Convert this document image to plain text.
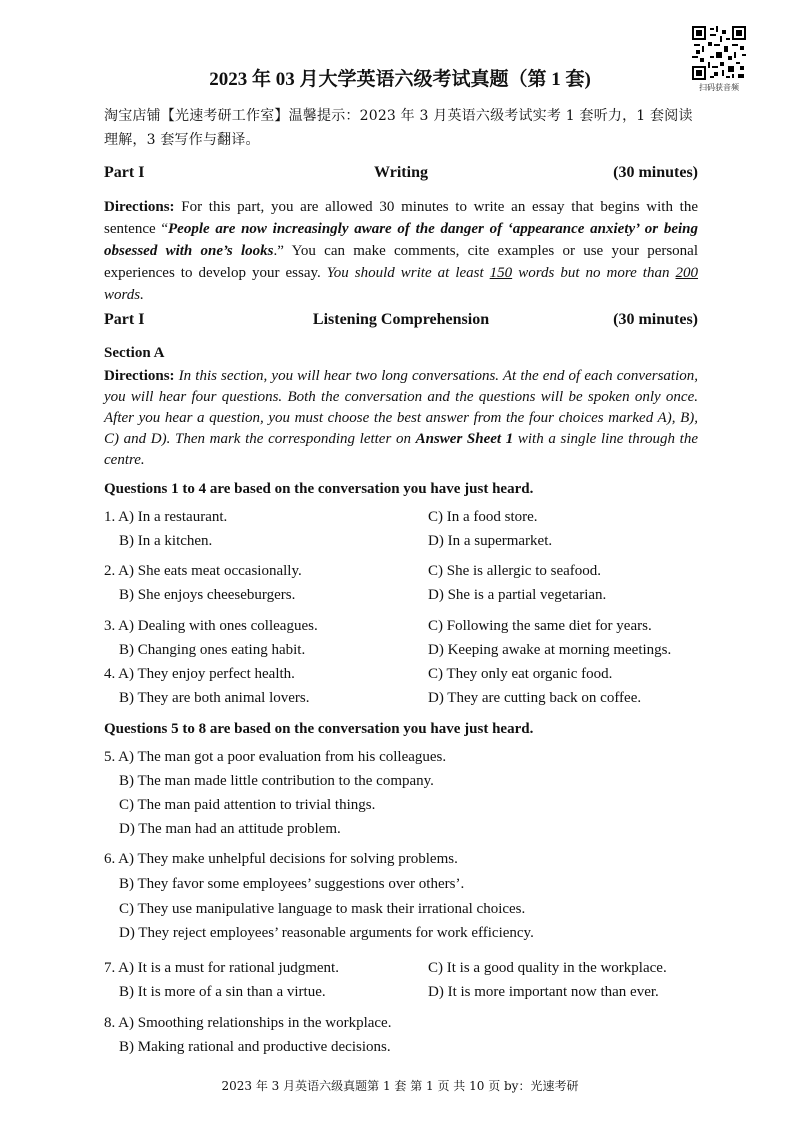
扫码获音频
2023 年 03 月大学英语六级考试真题（第 1 套)
淘宝店铺【光速考研工作室】温馨提示：2023 年 3 月英语六级考试实考 1 套听力，1 套阅读理解，3 套写作与翻译。
Part I	Writing	(30 minutes)
Directions: For this part, you are allowed 30 minutes to write an essay that begins with the sentence “People are now increasingly aware of the danger of ‘appearance anxiety’ or being obsessed with one’s looks.” You can make comments, cite examples or use your personal experiences to develop your essay. You should write at least 150 words but no more than 200 words.
Part I	Listening Comprehension	(30 minutes)
Section A
Directions: In this section, you will hear two long conversations. At the end of each conversation, you will hear four questions. Both the conversation and the questions will be spoken only once. After you hear a question, you must choose the best answer from the four choices marked A), B), C) and D). Then mark the corresponding letter on Answer Sheet 1 with a single line through the centre.
Questions 1 to 4 are based on the conversation you have just heard.
1. A) In a restaurant.
B) In a kitchen.
C) In a food store.
D) In a supermarket.
2. A) She eats meat occasionally.
B) She enjoys cheeseburgers.
C) She is allergic to seafood.
D) She is a partial vegetarian.
3. A) Dealing with ones colleagues.
B) Changing ones eating habit.
C) Following the same diet for years.
D) Keeping awake at morning meetings.
4. A) They enjoy perfect health.
B) They are both animal lovers.
C) They only eat organic food.
D) They are cutting back on coffee.
Questions 5 to 8 are based on the conversation you have just heard.
5. A) The man got a poor evaluation from his colleagues.
B) The man made little contribution to the company.
C) The man paid attention to trivial things.
D) The man had an attitude problem.
6. A) They make unhelpful decisions for solving problems.
B) They favor some employees’ suggestions over others’.
C) They use manipulative language to mask their irrational choices.
D) They reject employees’ reasonable arguments for work efficiency.
7. A) It is a must for rational judgment.
B) It is more of a sin than a virtue.
C) It is a good quality in the workplace.
D) It is more important now than ever.
8. A) Smoothing relationships in the workplace.
B) Making rational and productive decisions.
2023 年 3 月英语六级真题第 1 套 第 1 页 共 10 页 by：光速考研
